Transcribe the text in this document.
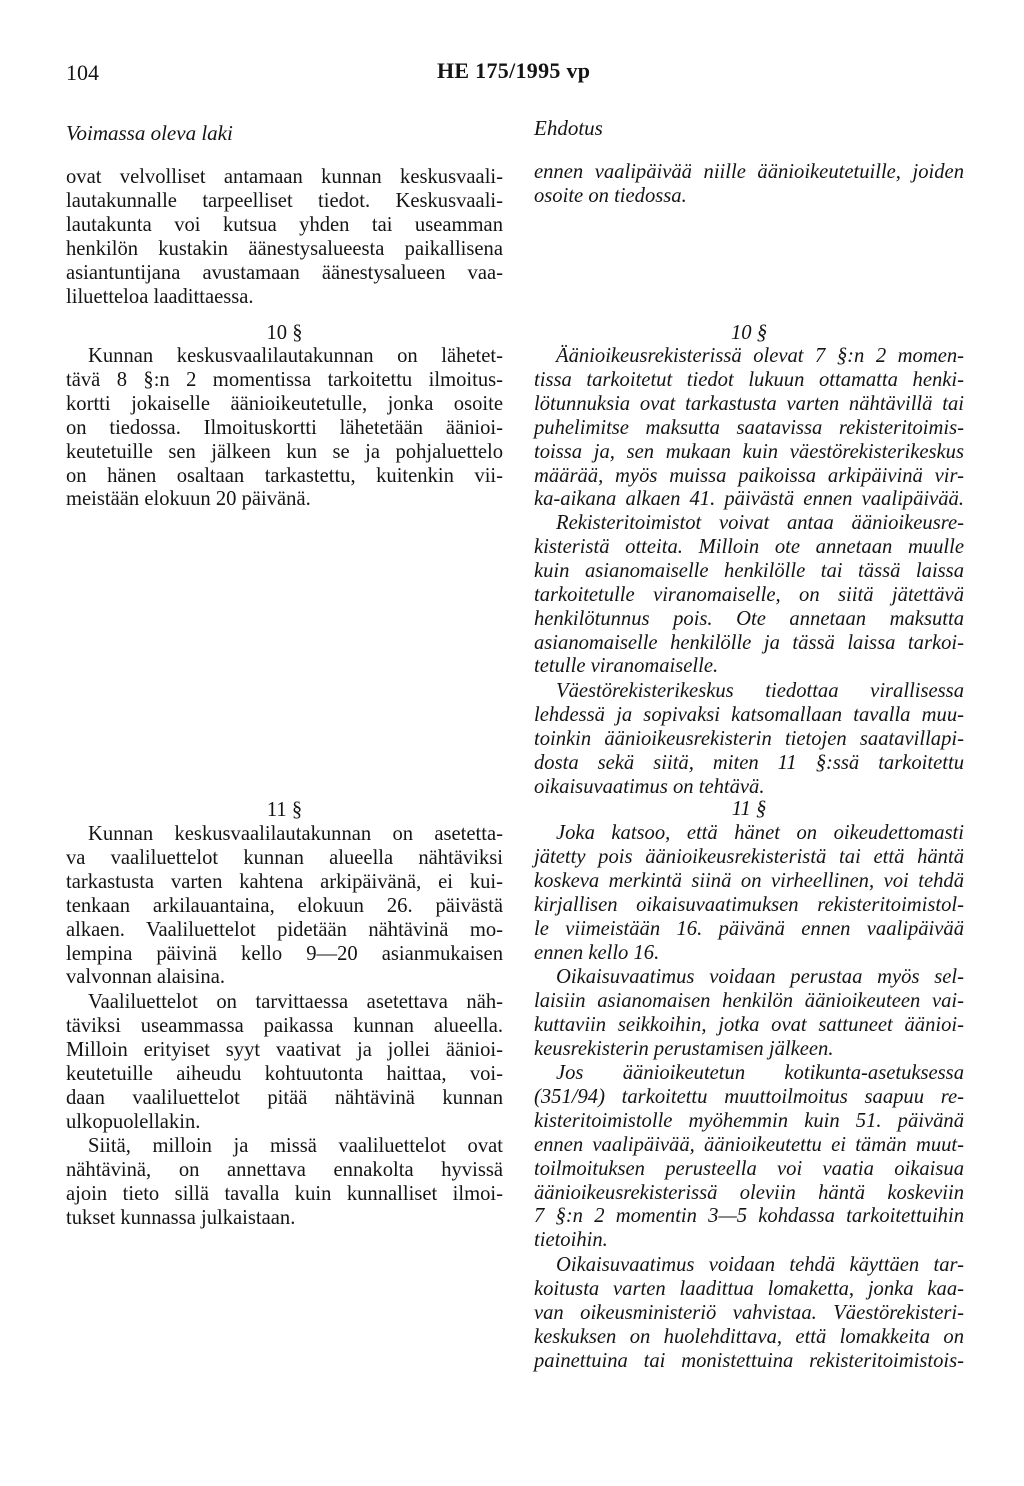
104	HE 175/1995 vp
Voimassa oleva laki	Ehdotus
ovat velvolliset antamaan kunnan keskusvaali-
lautakunnalle tarpeelliset tiedot. Keskusvaali-
lautakunta voi kutsua yhden tai useamman
henkilön kustakin äänestysalueesta paikallisena
asiantuntijana avustamaan äänestysalueen vaa-
liluetteloa laadittaessa.
10 §
Kunnan keskusvaalilautakunnan on lähetet-
tävä 8 §:n 2 momentissa tarkoitettu ilmoitus-
kortti jokaiselle äänioikeutetulle, jonka osoite
on tiedossa. Ilmoituskortti lähetetään äänioi-
keutetuille sen jälkeen kun se ja pohjaluettelo
on hänen osaltaan tarkastettu, kuitenkin vii-
meistään elokuun 20 päivänä.
11 §
Kunnan keskusvaalilautakunnan on asetetta-
va vaaliluettelot kunnan alueella nähtäviksi
tarkastusta varten kahtena arkipäivänä, ei kui-
tenkaan arkilauantaina, elokuun 26. päivästä
alkaen. Vaaliluettelot pidetään nähtävinä mo-
lempina päivinä kello 9—20 asianmukaisen
valvonnan alaisina.
Vaaliluettelot on tarvittaessa asetettava näh-
täviksi useammassa paikassa kunnan alueella.
Milloin erityiset syyt vaativat ja jollei äänioi-
keutetuille aiheudu kohtuutonta haittaa, voi-
daan vaaliluettelot pitää nähtävinä kunnan
ulkopuolellakin.
Siitä, milloin ja missä vaaliluettelot ovat
nähtävinä, on annettava ennakolta hyvissä
ajoin tieto sillä tavalla kuin kunnalliset ilmoi-
tukset kunnassa julkaistaan.
ennen vaalipäivää niille äänioikeutetuille, joiden
osoite on tiedossa.
10 §
Äänioikeusrekisterissä olevat 7 §:n 2 momen-
tissa tarkoitetut tiedot lukuun ottamatta henki-
lötunnuksia ovat tarkastusta varten nähtävillä tai
puhelimitse maksutta saatavissa rekisteritoimis-
toissa ja, sen mukaan kuin väestörekisterikeskus
määrää, myös muissa paikoissa arkipäivinä vir-
ka-aikana alkaen 41. päivästä ennen vaalipäivää.
Rekisteritoimistot voivat antaa äänioikeusre-
kisteristä otteita. Milloin ote annetaan muulle
kuin asianomaiselle henkilölle tai tässä laissa
tarkoitetulle viranomaiselle, on siitä jätettävä
henkilötunnus pois. Ote annetaan maksutta
asianomaiselle henkilölle ja tässä laissa tarkoi-
tetulle viranomaiselle.
Väestörekisterikeskus tiedottaa virallisessa
lehdessä ja sopivaksi katsomallaan tavalla muu-
toinkin äänioikeusrekisterin tietojen saatavillapi-
dosta sekä siitä, miten 11 §:ssä tarkoitettu
oikaisuvaatimus on tehtävä.
11 §
Joka katsoo, että hänet on oikeudettomasti
jätetty pois äänioikeusrekisteristä tai että häntä
koskeva merkintä siinä on virheellinen, voi tehdä
kirjallisen oikaisuvaatimuksen rekisteritoimistol-
le viimeistään 16. päivänä ennen vaalipäivää
ennen kello 16.
Oikaisuvaatimus voidaan perustaa myös sel-
laisiin asianomaisen henkilön äänioikeuteen vai-
kuttaviin seikkoihin, jotka ovat sattuneet äänioi-
keusrekisterin perustamisen jälkeen.
Jos äänioikeutetun kotikunta-asetuksessa
(351/94) tarkoitettu muuttoilmoitus saapuu re-
kisteritoimistolle myöhemmin kuin 51. päivänä
ennen vaalipäivää, äänioikeutettu ei tämän muut-
toilmoituksen perusteella voi vaatia oikaisua
äänioikeusrekisterissä oleviin häntä koskeviin
7 §:n 2 momentin 3—5 kohdassa tarkoitettuihin
tietoihin.
Oikaisuvaatimus voidaan tehdä käyttäen tar-
koitusta varten laadittua lomaketta, jonka kaa-
van oikeusministeriö vahvistaa. Väestörekisteri-
keskuksen on huolehdittava, että lomakkeita on
painettuina tai monistettuina rekisteritoimistois-
